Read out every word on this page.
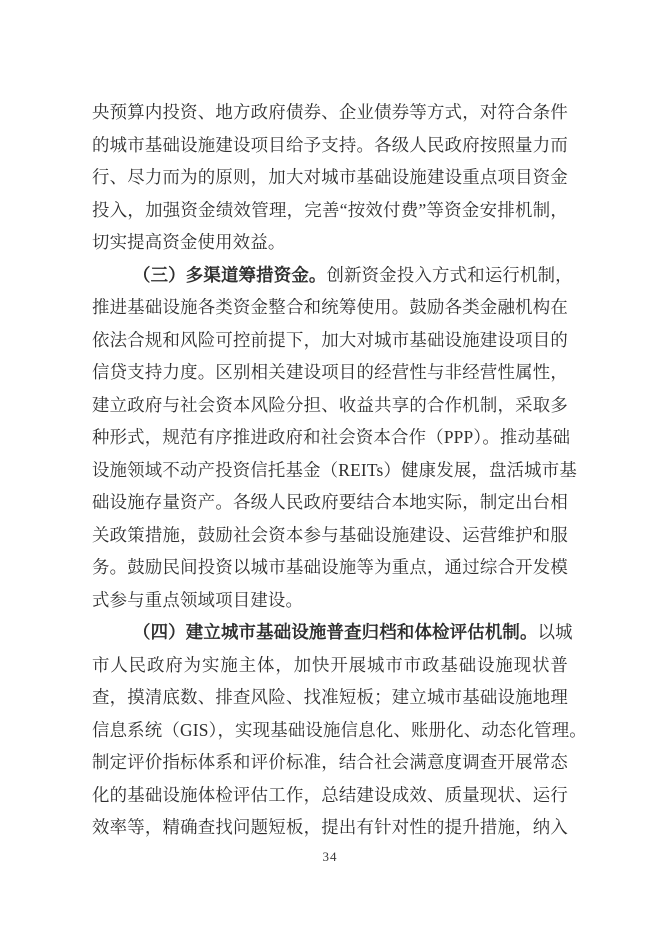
央预算内投资、地方政府债券、企业债券等方式，对符合条件
的城市基础设施建设项目给予支持。各级人民政府按照量力而
行、尽力而为的原则，加大对城市基础设施建设重点项目资金
投入，加强资金绩效管理，完善“按效付费”等资金安排机制，
切实提高资金使用效益。
（三）多渠道筹措资金。创新资金投入方式和运行机制，
推进基础设施各类资金整合和统筹使用。鼓励各类金融机构在
依法合规和风险可控前提下，加大对城市基础设施建设项目的
信贷支持力度。区别相关建设项目的经营性与非经营性属性，
建立政府与社会资本风险分担、收益共享的合作机制，采取多
种形式，规范有序推进政府和社会资本合作（PPP）。推动基础
设施领域不动产投资信托基金（REITs）健康发展，盘活城市基
础设施存量资产。各级人民政府要结合本地实际，制定出台相
关政策措施，鼓励社会资本参与基础设施建设、运营维护和服
务。鼓励民间投资以城市基础设施等为重点，通过综合开发模
式参与重点领域项目建设。
（四）建立城市基础设施普查归档和体检评估机制。以城
市人民政府为实施主体，加快开展城市市政基础设施现状普
查，摸清底数、排查风险、找准短板；建立城市基础设施地理
信息系统（GIS），实现基础设施信息化、账册化、动态化管理。
制定评价指标体系和评价标准，结合社会满意度调查开展常态
化的基础设施体检评估工作，总结建设成效、质量现状、运行
效率等，精确查找问题短板，提出有针对性的提升措施，纳入
34
